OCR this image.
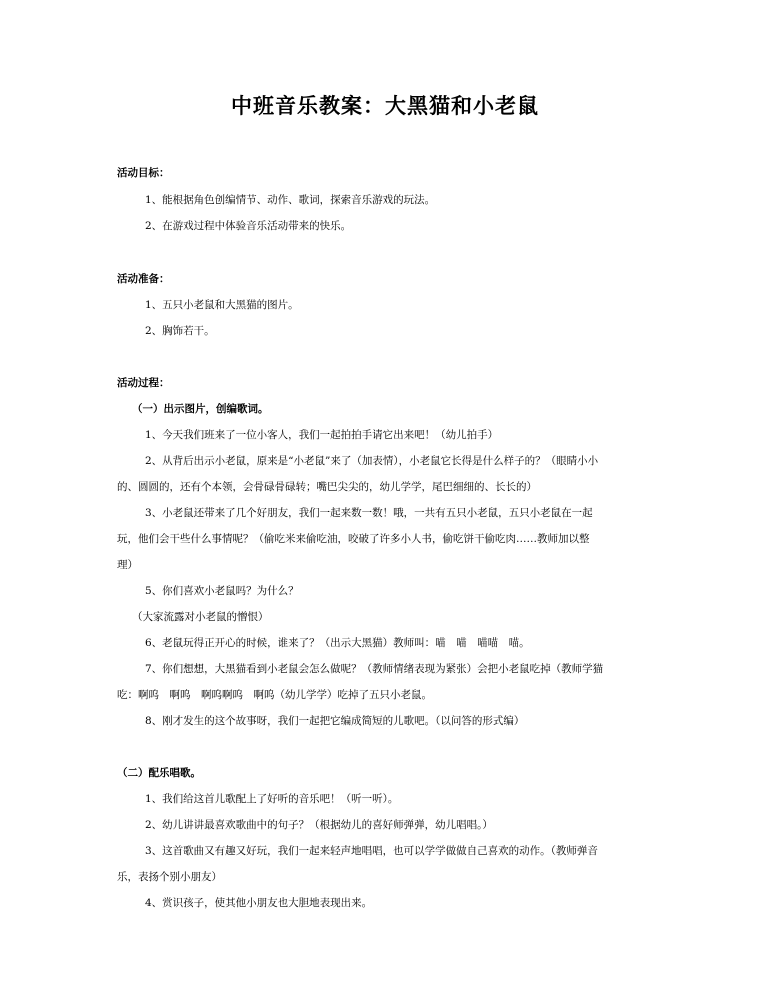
中班音乐教案：大黑猫和小老鼠
活动目标：
1、能根据角色创编情节、动作、歌词，探索音乐游戏的玩法。
2、在游戏过程中体验音乐活动带来的快乐。
活动准备：
1、五只小老鼠和大黑猫的图片。
2、胸饰若干。
活动过程：
（一）出示图片，创编歌词。
1、今天我们班来了一位小客人，我们一起拍拍手请它出来吧！（幼儿拍手）
2、从背后出示小老鼠，原来是“小老鼠”来了（加表情），小老鼠它长得是什么样子的？（眼睛小小
的、圆圆的，还有个本领，会骨碌骨碌转；嘴巴尖尖的，幼儿学学，尾巴细细的、长长的）
3、小老鼠还带来了几个好朋友，我们一起来数一数！哦，一共有五只小老鼠，五只小老鼠在一起
玩，他们会干些什么事情呢？（偷吃米来偷吃油，咬破了许多小人书，偷吃饼干偷吃肉……教师加以整
理）
5、你们喜欢小老鼠吗？为什么？
（大家流露对小老鼠的憎恨）
6、老鼠玩得正开心的时候，谁来了？（出示大黑猫）教师叫：喵　喵　喵喵　喵。
7、你们想想，大黑猫看到小老鼠会怎么做呢？（教师情绪表现为紧张）会把小老鼠吃掉（教师学猫
吃：啊呜　啊呜　啊呜啊呜　啊呜（幼儿学学）吃掉了五只小老鼠。
8、刚才发生的这个故事呀，我们一起把它编成简短的儿歌吧。（以问答的形式编）
（二）配乐唱歌。
1、我们给这首儿歌配上了好听的音乐吧！（听一听）。
2、幼儿讲讲最喜欢歌曲中的句子？（根据幼儿的喜好师弹弹，幼儿唱唱。）
3、这首歌曲又有趣又好玩，我们一起来轻声地唱唱，也可以学学做做自己喜欢的动作。（教师弹音
乐，表扬个别小朋友）
4、赏识孩子，使其他小朋友也大胆地表现出来。
